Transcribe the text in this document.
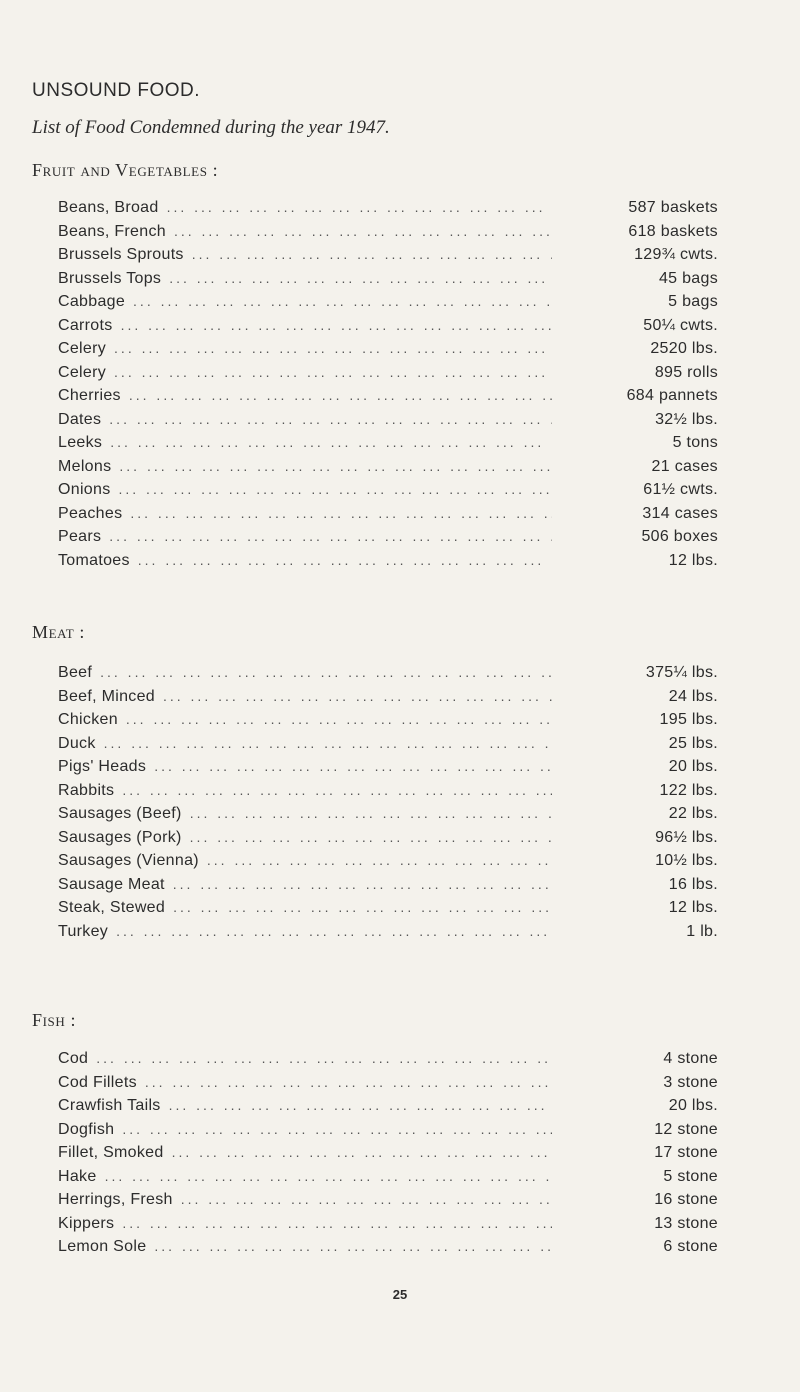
UNSOUND FOOD.
List of Food Condemned during the year 1947.
Fruit and Vegetables :
Beans, Broad ... .	587 baskets
Beans, French ... .	618 baskets
Brussels Sprouts ... .	129¾ cwts.
Brussels Tops ... .	45 bags
Cabbage ... .	5 bags
Carrots ... .	50¼ cwts.
Celery ... .	2520 lbs.
Celery ... .	895 rolls
Cherries ... .	684 pannets
Dates ... .	32½ lbs.
Leeks ... .	5 tons
Melons ... .	21 cases
Onions ... .	61½ cwts.
Peaches ... .	314 cases
Pears ... .	506 boxes
Tomatoes ... .	12 lbs.
Meat :
Beef ... .	375¼ lbs.
Beef, Minced ... .	24 lbs.
Chicken ... .	195 lbs.
Duck ... .	25 lbs.
Pigs' Heads ... .	20 lbs.
Rabbits ... .	122 lbs.
Sausages (Beef) ... .	22 lbs.
Sausages (Pork) ... .	96½ lbs.
Sausages (Vienna) ... .	10½ lbs.
Sausage Meat ... .	16 lbs.
Steak, Stewed ... .	12 lbs.
Turkey ... .	1 lb.
Fish :
Cod ... .	4 stone
Cod Fillets ... .	3 stone
Crawfish Tails ... .	20 lbs.
Dogfish ... .	12 stone
Fillet, Smoked ... .	17 stone
Hake ... .	5 stone
Herrings, Fresh ... .	16 stone
Kippers ... .	13 stone
Lemon Sole ... .	6 stone
25
